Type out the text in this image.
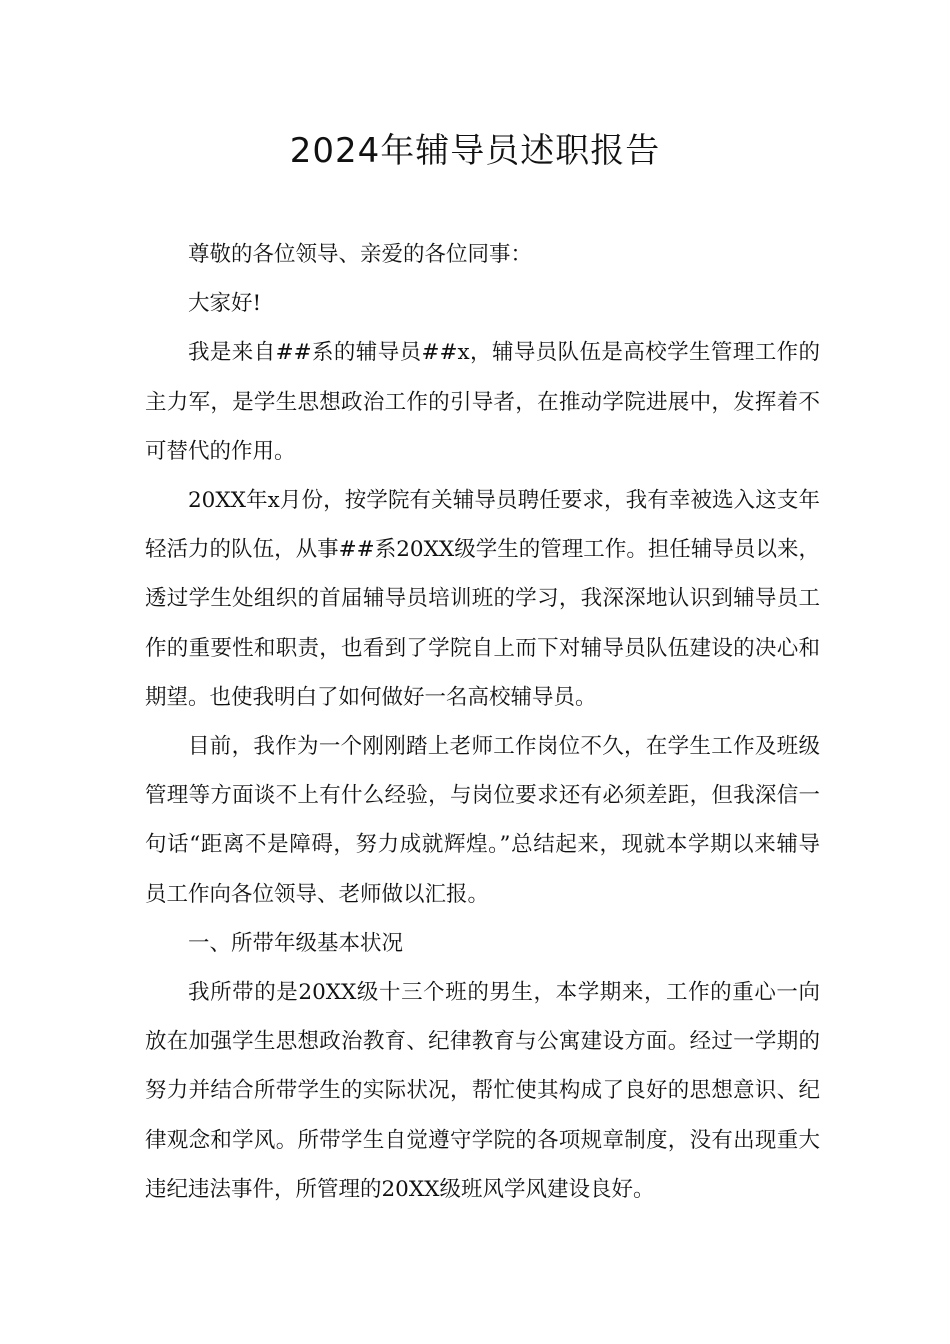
2024年辅导员述职报告

尊敬的各位领导、亲爱的各位同事：

大家好!

我是来自##系的辅导员##x，辅导员队伍是高校学生管理工作的主力军，是学生思想政治工作的引导者，在推动学院进展中，发挥着不可替代的作用。

20XX年x月份，按学院有关辅导员聘任要求，我有幸被选入这支年轻活力的队伍，从事##系20XX级学生的管理工作。担任辅导员以来，透过学生处组织的首届辅导员培训班的学习，我深深地认识到辅导员工作的重要性和职责，也看到了学院自上而下对辅导员队伍建设的决心和期望。也使我明白了如何做好一名高校辅导员。

目前，我作为一个刚刚踏上老师工作岗位不久，在学生工作及班级管理等方面谈不上有什么经验，与岗位要求还有必须差距，但我深信一句话“距离不是障碍，努力成就辉煌。”总结起来，现就本学期以来辅导员工作向各位领导、老师做以汇报。

一、所带年级基本状况

我所带的是20XX级十三个班的男生，本学期来，工作的重心一向放在加强学生思想政治教育、纪律教育与公寓建设方面。经过一学期的努力并结合所带学生的实际状况，帮忙使其构成了良好的思想意识、纪律观念和学风。所带学生自觉遵守学院的各项规章制度，没有出现重大违纪违法事件，所管理的20XX级班风学风建设良好。
